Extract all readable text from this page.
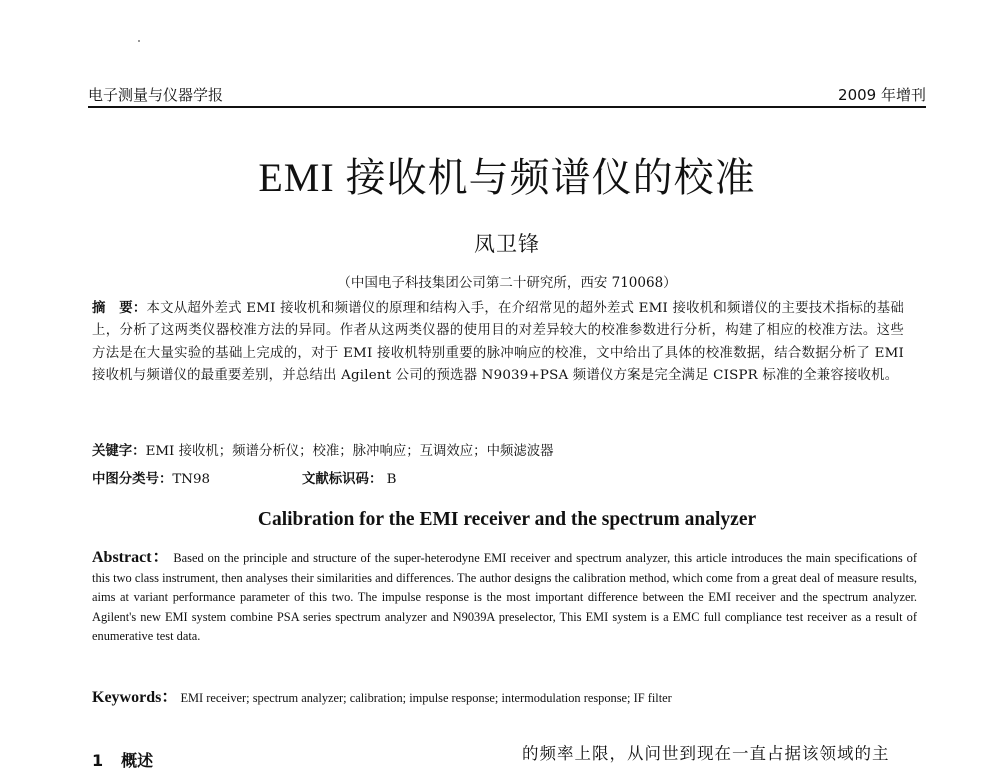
电子测量与仪器学报	2009 年增刊
EMI 接收机与频谱仪的校准
凤卫锋
（中国电子科技集团公司第二十研究所，西安 710068）
摘　要：本文从超外差式 EMI 接收机和频谱仪的原理和结构入手，在介绍常见的超外差式 EMI 接收机和频谱仪的主要技术指标的基础上，分析了这两类仪器校准方法的异同。作者从这两类仪器的使用目的对差异较大的校准参数进行分析，构建了相应的校准方法。这些方法是在大量实验的基础上完成的，对于 EMI 接收机特别重要的脉冲响应的校准，文中给出了具体的校准数据，结合数据分析了 EMI 接收机与频谱仪的最重要差别，并总结出 Agilent 公司的预选器 N9039+PSA 频谱仪方案是完全满足 CISPR 标准的全兼容接收机。
关键字：EMI 接收机；频谱分析仪；校准；脉冲响应；互调效应；中频滤波器
中图分类号：TN98	文献标识码： B
Calibration for the EMI receiver and the spectrum analyzer
Abstract： Based on the principle and structure of the super-heterodyne EMI receiver and spectrum analyzer, this article introduces the main specifications of this two class instrument, then analyses their similarities and differences. The author designs the calibration method, which come from a great deal of measure results, aims at variant performance parameter of this two. The impulse response is the most important difference between the EMI receiver and the spectrum analyzer. Agilent's new EMI system combine PSA series spectrum analyzer and N9039A preselector, This EMI system is a EMC full compliance test receiver as a result of enumerative test data.
Keywords： EMI receiver; spectrum analyzer; calibration; impulse response; intermodulation response; IF filter
1 概述	的频率上限，从问世到现在一直占据该领域的主
